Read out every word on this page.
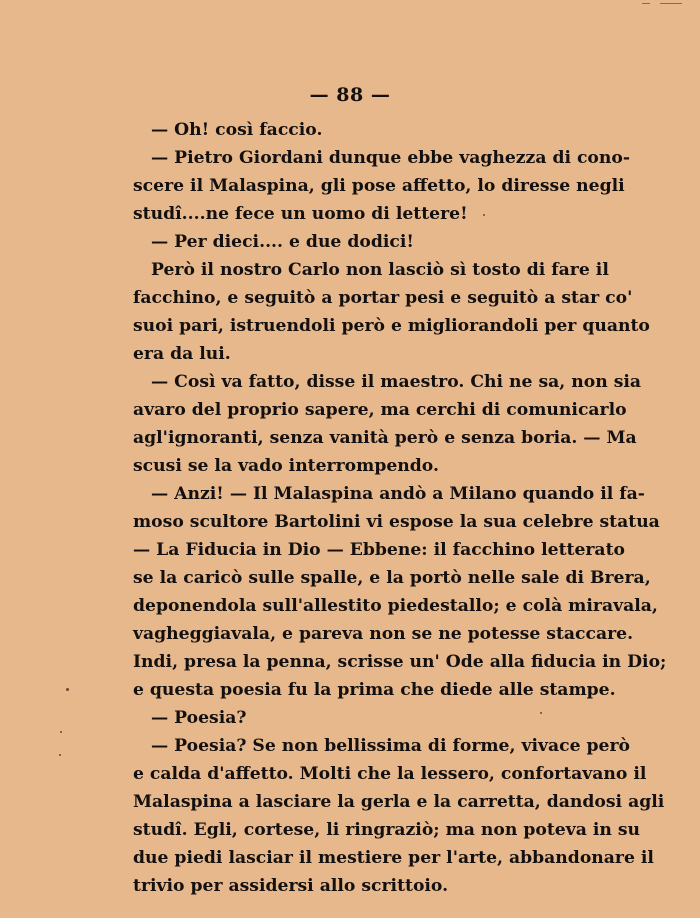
— 88 —
— Oh! così faccio.
— Pietro Giordani dunque ebbe vaghezza di cono-
scere il Malaspina, gli pose affetto, lo diresse negli
studî....ne fece un uomo di lettere!
— Per dieci.... e due dodici!
Però il nostro Carlo non lasciò sì tosto di fare il
facchino, e seguitò a portar pesi e seguitò a star co'
suoi pari, istruendoli però e migliorandoli per quanto
era da lui.
— Così va fatto, disse il maestro. Chi ne sa, non sia
avaro del proprio sapere, ma cerchi di comunicarlo
agl'ignoranti, senza vanità però e senza boria. — Ma
scusi se la vado interrompendo.
— Anzi! — Il Malaspina andò a Milano quando il fa-
moso scultore Bartolini vi espose la sua celebre statua
— La Fiducia in Dio — Ebbene: il facchino letterato
se la caricò sulle spalle, e la portò nelle sale di Brera,
deponendola sull'allestito piedestallo; e colà miravala,
vagheggiavala, e pareva non se ne potesse staccare.
Indi, presa la penna, scrisse un' Ode alla fiducia in Dio;
e questa poesia fu la prima che diede alle stampe.
— Poesia?
— Poesia? Se non bellissima di forme, vivace però
e calda d'affetto. Molti che la lessero, confortavano il
Malaspina a lasciare la gerla e la carretta, dandosi agli
studî. Egli, cortese, li ringraziò; ma non poteva in su
due piedi lasciar il mestiere per l'arte, abbandonare il
trivio per assidersi allo scrittoio.
